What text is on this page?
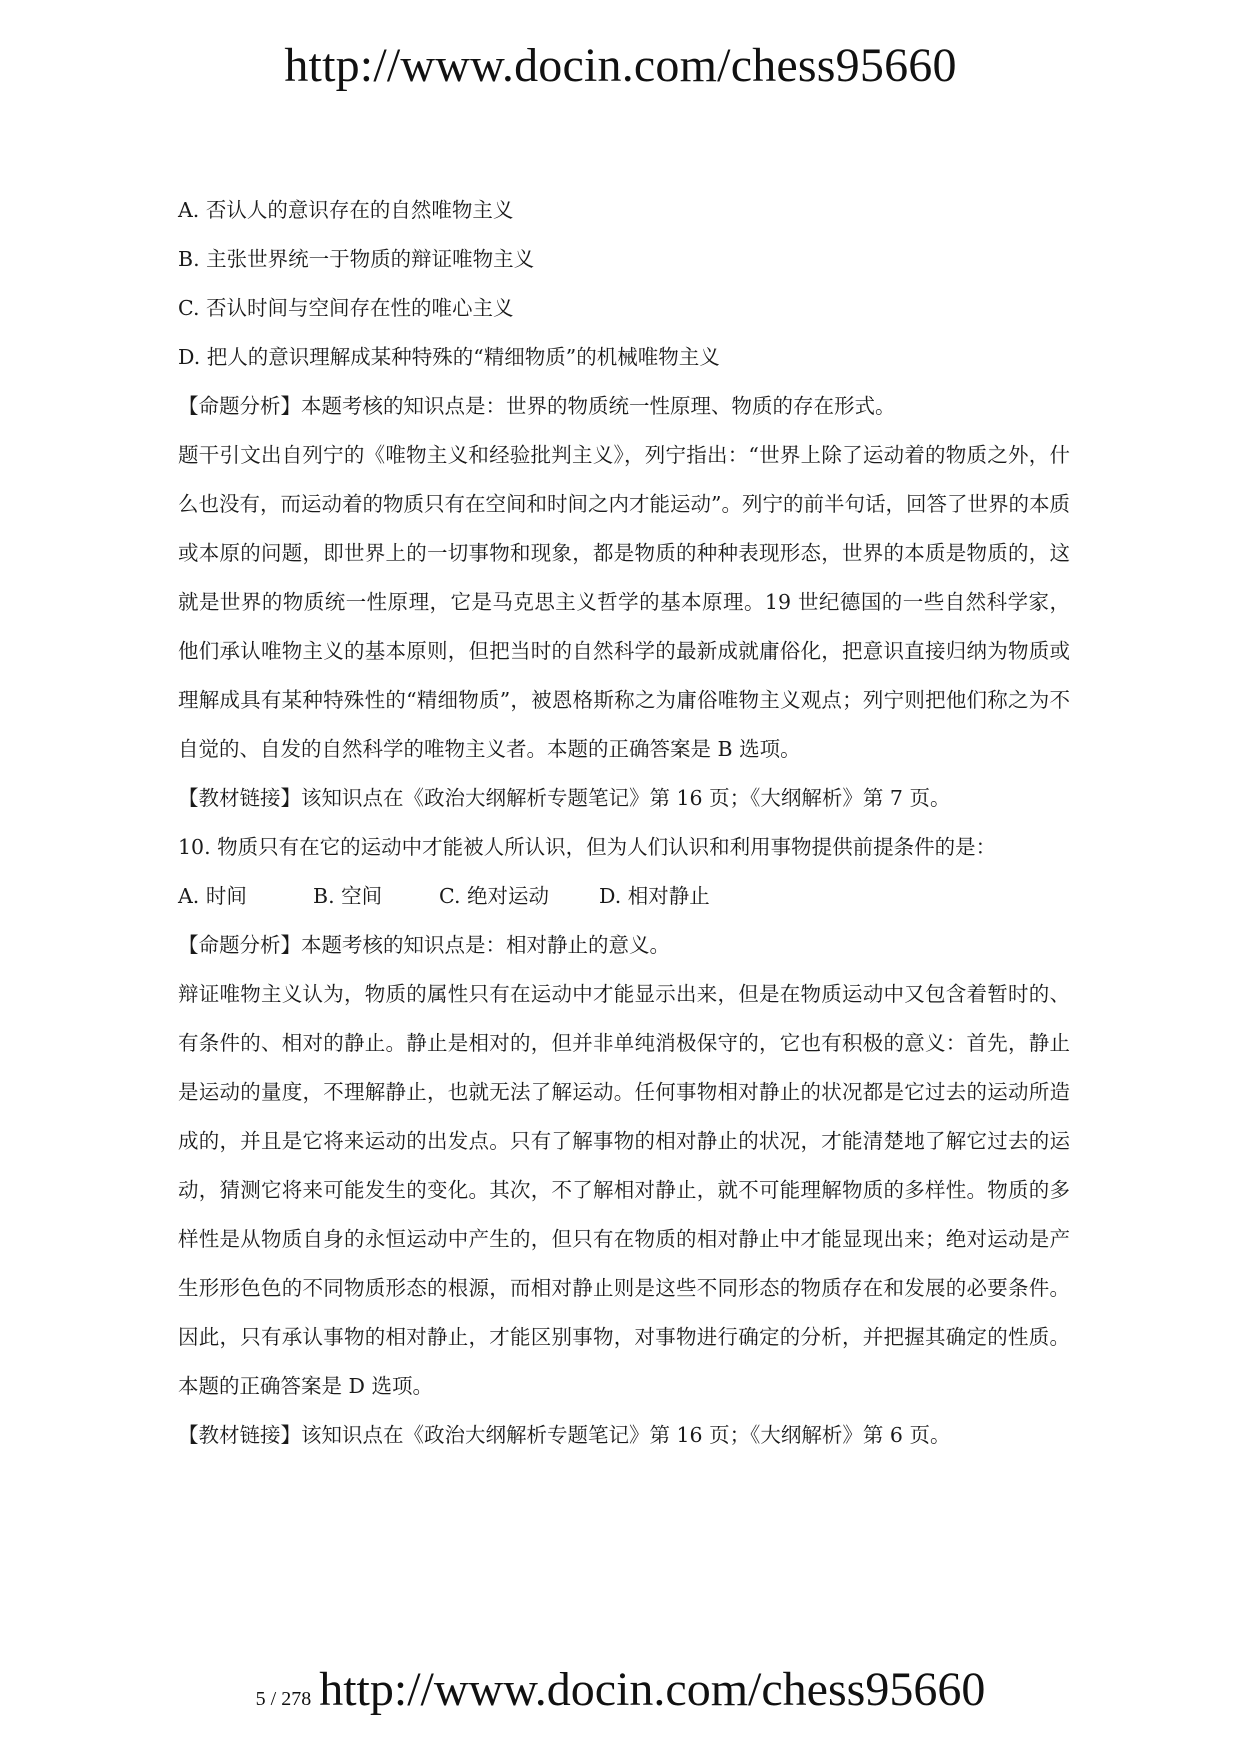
http://www.docin.com/chess95660
A. 否认人的意识存在的自然唯物主义
B. 主张世界统一于物质的辩证唯物主义
C. 否认时间与空间存在性的唯心主义
D. 把人的意识理解成某种特殊的“精细物质”的机械唯物主义
【命题分析】本题考核的知识点是：世界的物质统一性原理、物质的存在形式。
题干引文出自列宁的《唯物主义和经验批判主义》，列宁指出：“世界上除了运动着的物质之外，什么也没有，而运动着的物质只有在空间和时间之内才能运动”。列宁的前半句话，回答了世界的本质或本原的问题，即世界上的一切事物和现象，都是物质的种种表现形态，世界的本质是物质的，这就是世界的物质统一性原理，它是马克思主义哲学的基本原理。19 世纪德国的一些自然科学家，他们承认唯物主义的基本原则，但把当时的自然科学的最新成就庸俗化，把意识直接归纳为物质或理解成具有某种特殊性的“精细物质”，被恩格斯称之为庸俗唯物主义观点；列宁则把他们称之为不自觉的、自发的自然科学的唯物主义者。本题的正确答案是 B 选项。
【教材链接】该知识点在《政治大纲解析专题笔记》第 16 页；《大纲解析》第 7 页。
10. 物质只有在它的运动中才能被人所认识，但为人们认识和利用事物提供前提条件的是：
A. 时间	B. 空间	C. 绝对运动	D. 相对静止
【命题分析】本题考核的知识点是：相对静止的意义。
辩证唯物主义认为，物质的属性只有在运动中才能显示出来，但是在物质运动中又包含着暂时的、有条件的、相对的静止。静止是相对的，但并非单纯消极保守的，它也有积极的意义：首先，静止是运动的量度，不理解静止，也就无法了解运动。任何事物相对静止的状况都是它过去的运动所造成的，并且是它将来运动的出发点。只有了解事物的相对静止的状况，才能清楚地了解它过去的运动，猜测它将来可能发生的变化。其次，不了解相对静止，就不可能理解物质的多样性。物质的多样性是从物质自身的永恒运动中产生的，但只有在物质的相对静止中才能显现出来；绝对运动是产生形形色色的不同物质形态的根源，而相对静止则是这些不同形态的物质存在和发展的必要条件。因此，只有承认事物的相对静止，才能区别事物，对事物进行确定的分析，并把握其确定的性质。本题的正确答案是 D 选项。
【教材链接】该知识点在《政治大纲解析专题笔记》第 16 页；《大纲解析》第 6 页。
5 / 278 http://www.docin.com/chess95660
